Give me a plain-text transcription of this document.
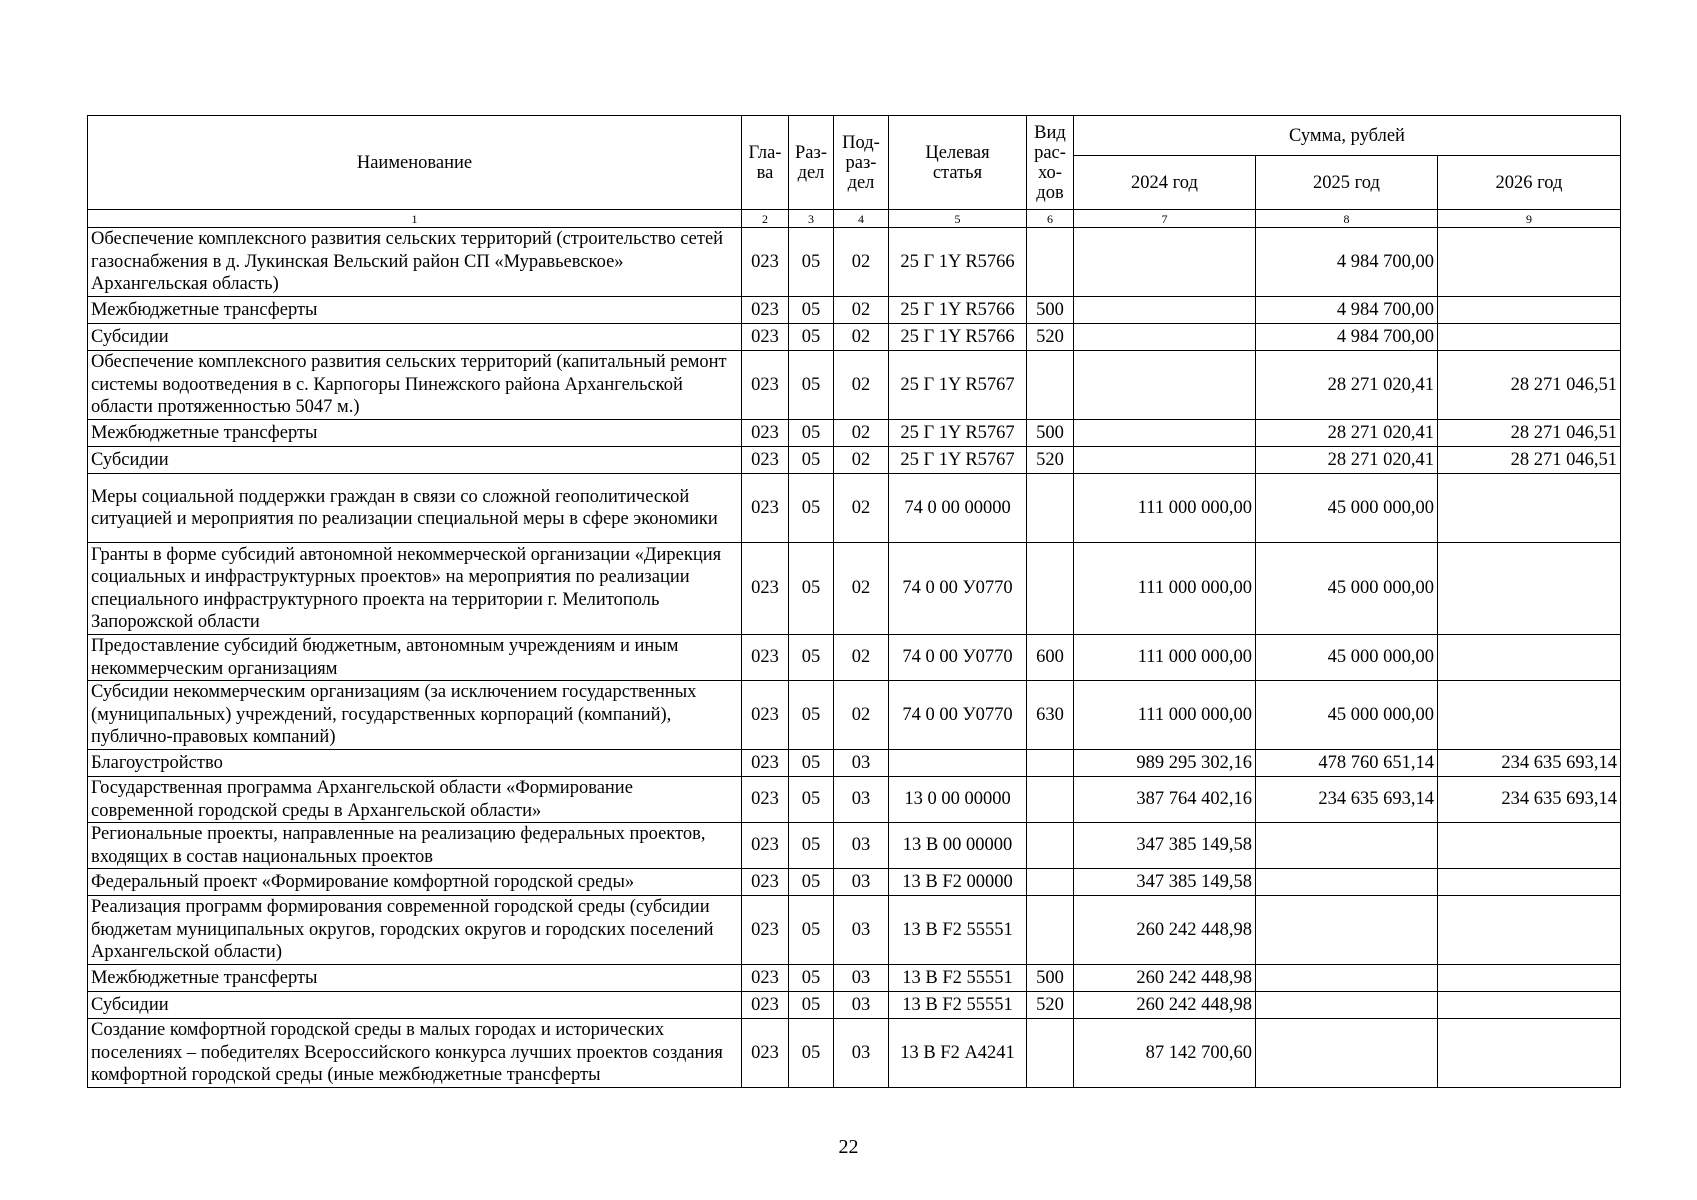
Наименование	Гла-ва	Раз-дел	Под-раз-дел	Целевая статья	Вид рас-хо-дов	Сумма, рублей		
						2024 год	2025 год	2026 год
1	2	3	4	5	6	7	8	9
Обеспечение комплексного развития сельских территорий (строительство сетей газоснабжения в д. Лукинская Вельский район СП «Муравьевское» Архангельская область)	023	05	02	25 Г 1Y R5766			4 984 700,00	
Межбюджетные трансферты	023	05	02	25 Г 1Y R5766	500		4 984 700,00	
Субсидии	023	05	02	25 Г 1Y R5766	520		4 984 700,00	
Обеспечение комплексного развития сельских территорий (капитальный ремонт системы водоотведения в с. Карпогоры Пинежского района Архангельской области протяженностью 5047 м.)	023	05	02	25 Г 1Y R5767			28 271 020,41	28 271 046,51
Межбюджетные трансферты	023	05	02	25 Г 1Y R5767	500		28 271 020,41	28 271 046,51
Субсидии	023	05	02	25 Г 1Y R5767	520		28 271 020,41	28 271 046,51
Меры социальной поддержки граждан в связи со сложной геополитической ситуацией и мероприятия по реализации специальной меры в сфере экономики	023	05	02	74 0 00 00000		111 000 000,00	45 000 000,00	
Гранты в форме субсидий автономной некоммерческой организации «Дирекция социальных и инфраструктурных проектов» на мероприятия по реализации специального инфраструктурного проекта на территории г. Мелитополь Запорожской области	023	05	02	74 0 00 У0770		111 000 000,00	45 000 000,00	
Предоставление субсидий бюджетным, автономным учреждениям и иным некоммерческим организациям	023	05	02	74 0 00 У0770	600	111 000 000,00	45 000 000,00	
Субсидии некоммерческим организациям (за исключением государственных (муниципальных) учреждений, государственных корпораций (компаний), публично-правовых компаний)	023	05	02	74 0 00 У0770	630	111 000 000,00	45 000 000,00	
Благоустройство	023	05	03			989 295 302,16	478 760 651,14	234 635 693,14
Государственная программа Архангельской области «Формирование современной городской среды в Архангельской области»	023	05	03	13 0 00 00000		387 764 402,16	234 635 693,14	234 635 693,14
Региональные проекты, направленные на реализацию федеральных проектов, входящих в состав национальных проектов	023	05	03	13 В 00 00000		347 385 149,58		
Федеральный проект «Формирование комфортной городской среды»	023	05	03	13 В F2 00000		347 385 149,58		
Реализация программ формирования современной городской среды (субсидии бюджетам муниципальных округов, городских округов и городских поселений Архангельской области)	023	05	03	13 В F2 55551		260 242 448,98		
Межбюджетные трансферты	023	05	03	13 В F2 55551	500	260 242 448,98		
Субсидии	023	05	03	13 В F2 55551	520	260 242 448,98		
Создание комфортной городской среды в малых городах и исторических поселениях – победителях Всероссийского конкурса лучших проектов создания комфортной городской среды (иные межбюджетные трансферты	023	05	03	13 В F2 А4241		87 142 700,60		
22
